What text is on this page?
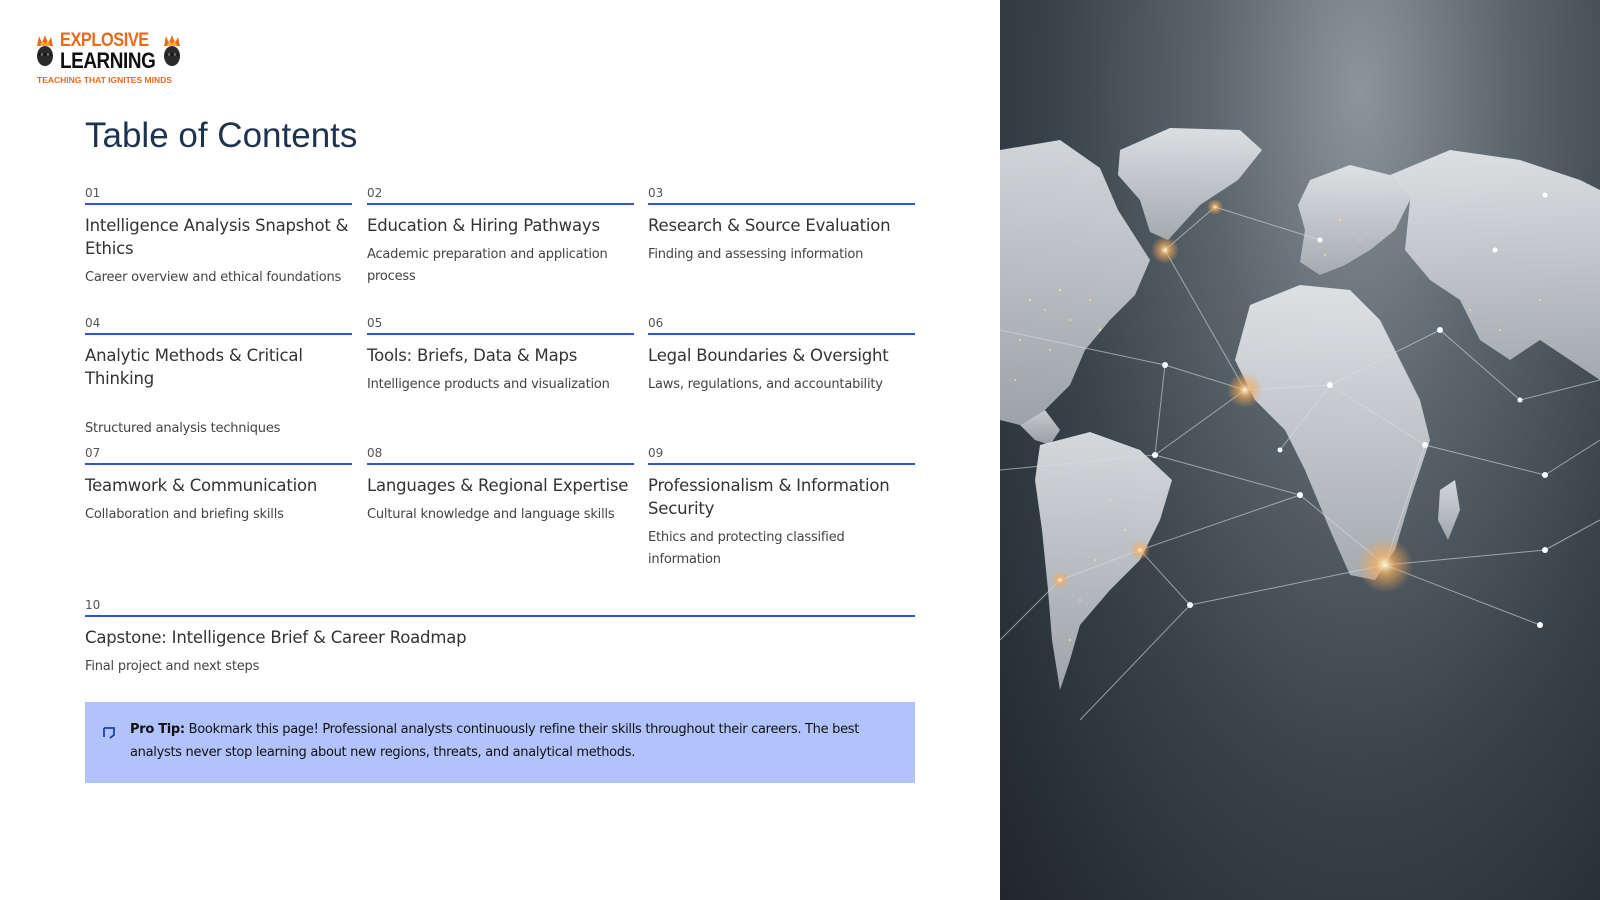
EXPLOSIVE
LEARNING
TEACHING THAT IGNITES MINDS
Table of Contents
01
Intelligence Analysis Snapshot & Ethics
Career overview and ethical foundations
02
Education & Hiring Pathways
Academic preparation and application process
03
Research & Source Evaluation
Finding and assessing information
04
Analytic Methods & Critical Thinking
Structured analysis techniques
05
Tools: Briefs, Data & Maps
Intelligence products and visualization
06
Legal Boundaries & Oversight
Laws, regulations, and accountability
07
Teamwork & Communication
Collaboration and briefing skills
08
Languages & Regional Expertise
Cultural knowledge and language skills
09
Professionalism & Information Security
Ethics and protecting classified information
10
Capstone: Intelligence Brief & Career Roadmap
Final project and next steps
Pro Tip: Bookmark this page! Professional analysts continuously refine their skills throughout their careers. The best analysts never stop learning about new regions, threats, and analytical methods.
